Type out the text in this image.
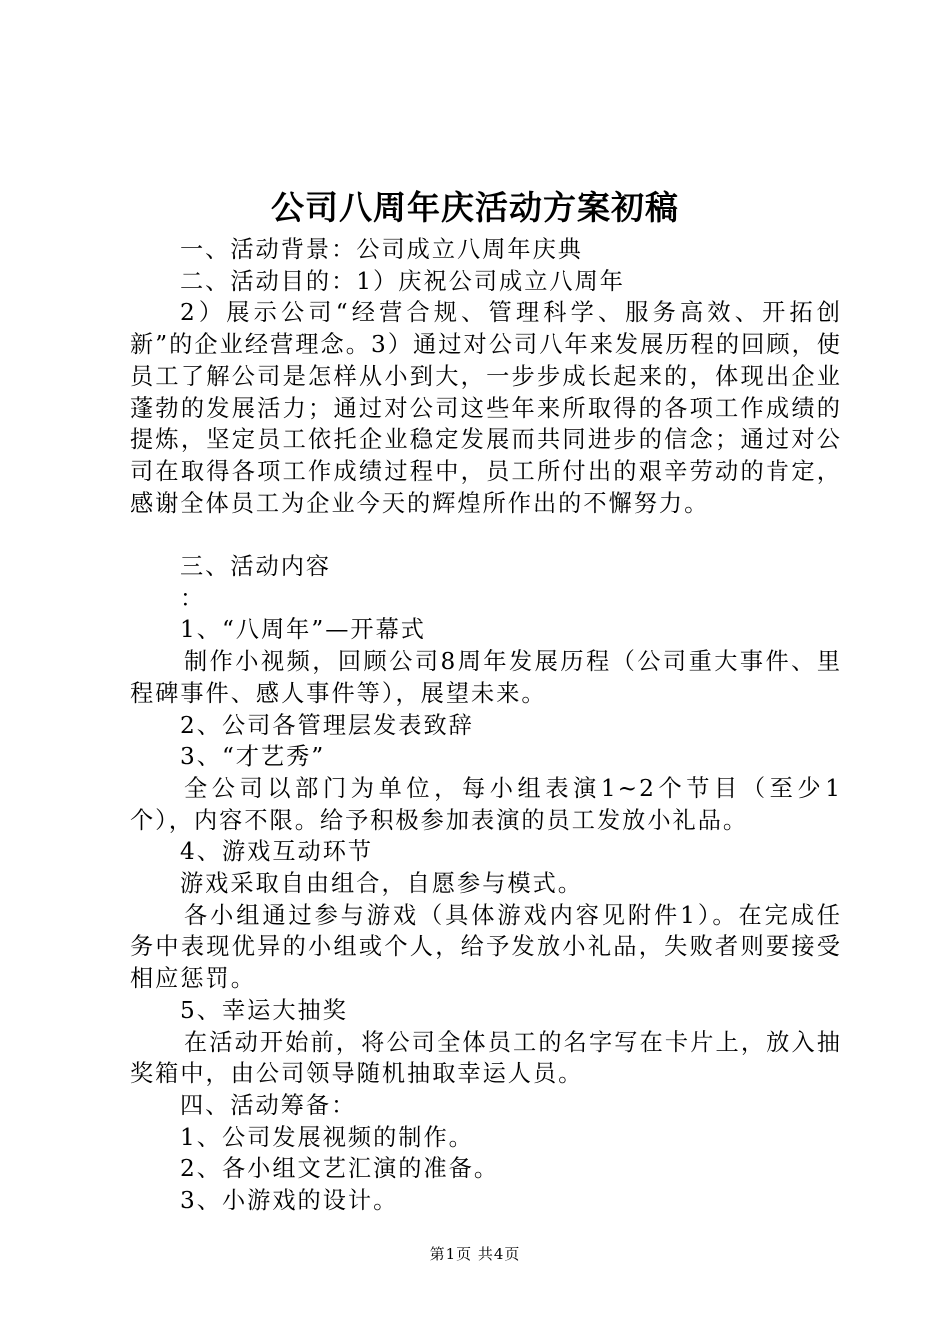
公司八周年庆活动方案初稿

一、活动背景：公司成立八周年庆典

二、活动目的：1）庆祝公司成立八周年

2）展示公司“经营合规、管理科学、服务高效、开拓创新”的企业经营理念。3）通过对公司八年来发展历程的回顾，使员工了解公司是怎样从小到大，一步步成长起来的，体现出企业蓬勃的发展活力；通过对公司这些年来所取得的各项工作成绩的提炼，坚定员工依托企业稳定发展而共同进步的信念；通过对公司在取得各项工作成绩过程中，员工所付出的艰辛劳动的肯定，感谢全体员工为企业今天的辉煌所作出的不懈努力。

三、活动内容

：

1、“八周年”—开幕式

制作小视频，回顾公司8周年发展历程（公司重大事件、里程碑事件、感人事件等），展望未来。

2、公司各管理层发表致辞

3、“才艺秀”

全公司以部门为单位，每小组表演1~2个节目（至少1个），内容不限。给予积极参加表演的员工发放小礼品。

4、游戏互动环节

游戏采取自由组合，自愿参与模式。

各小组通过参与游戏（具体游戏内容见附件1）。在完成任务中表现优异的小组或个人，给予发放小礼品，失败者则要接受相应惩罚。

5、幸运大抽奖

在活动开始前，将公司全体员工的名字写在卡片上，放入抽奖箱中，由公司领导随机抽取幸运人员。

四、活动筹备：

1、公司发展视频的制作。

2、各小组文艺汇演的准备。

3、小游戏的设计。

第1页 共4页
